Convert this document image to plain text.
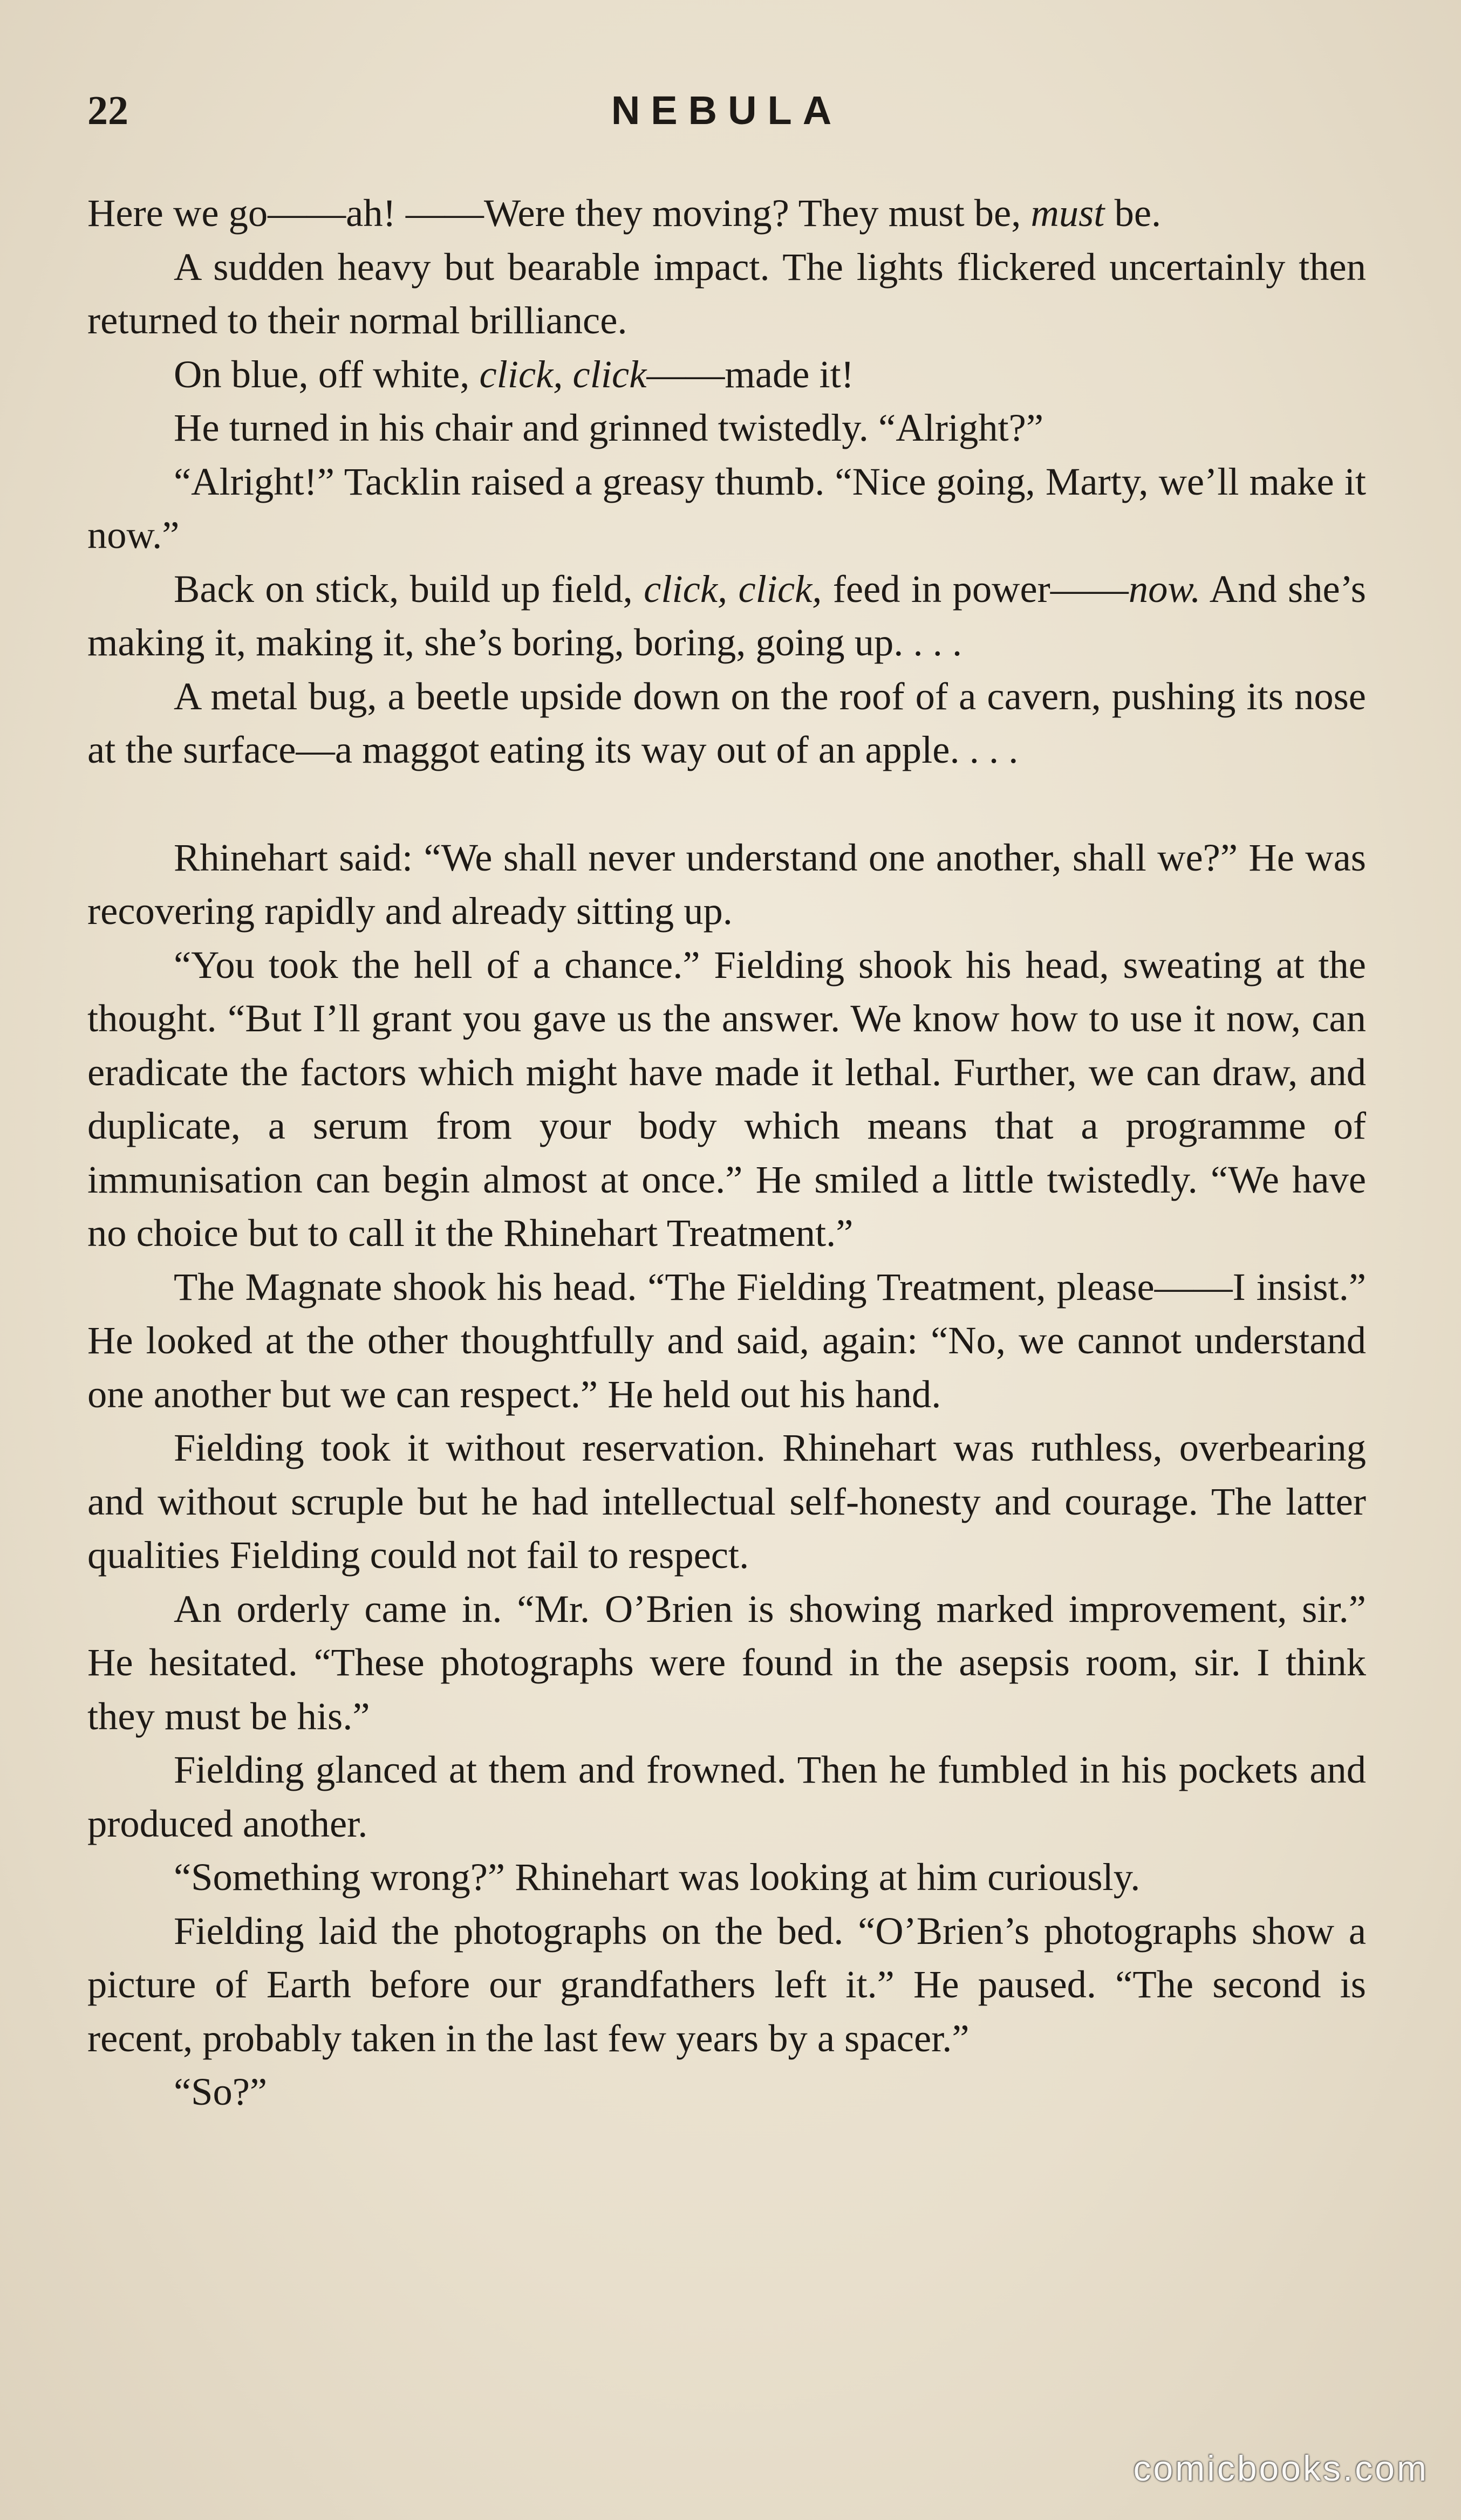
22	NEBULA

Here we go——ah! ——Were they moving? They must be, must be.

A sudden heavy but bearable impact. The lights flickered uncertainly then returned to their normal brilliance.

On blue, off white, click, click——made it!

He turned in his chair and grinned twistedly. “Alright?”

“Alright!” Tacklin raised a greasy thumb. “Nice going, Marty, we’ll make it now.”

Back on stick, build up field, click, click, feed in power——now. And she’s making it, making it, she’s boring, boring, going up. . . .

A metal bug, a beetle upside down on the roof of a cavern, pushing its nose at the surface—a maggot eating its way out of an apple. . . .

Rhinehart said: “We shall never understand one another, shall we?” He was recovering rapidly and already sitting up.

“You took the hell of a chance.” Fielding shook his head, sweating at the thought. “But I’ll grant you gave us the answer. We know how to use it now, can eradicate the factors which might have made it lethal. Further, we can draw, and duplicate, a serum from your body which means that a programme of immunisation can begin almost at once.” He smiled a little twistedly. “We have no choice but to call it the Rhinehart Treatment.”

The Magnate shook his head. “The Fielding Treatment, please——I insist.” He looked at the other thoughtfully and said, again: “No, we cannot understand one another but we can respect.” He held out his hand.

Fielding took it without reservation. Rhinehart was ruthless, overbearing and without scruple but he had intellectual self-honesty and courage. The latter qualities Fielding could not fail to respect.

An orderly came in. “Mr. O’Brien is showing marked improvement, sir.” He hesitated. “These photographs were found in the asepsis room, sir. I think they must be his.”

Fielding glanced at them and frowned. Then he fumbled in his pockets and produced another.

“Something wrong?” Rhinehart was looking at him curiously.

Fielding laid the photographs on the bed. “O’Brien’s photographs show a picture of Earth before our grandfathers left it.” He paused. “The second is recent, probably taken in the last few years by a spacer.”

“So?”

comicbooks.com
